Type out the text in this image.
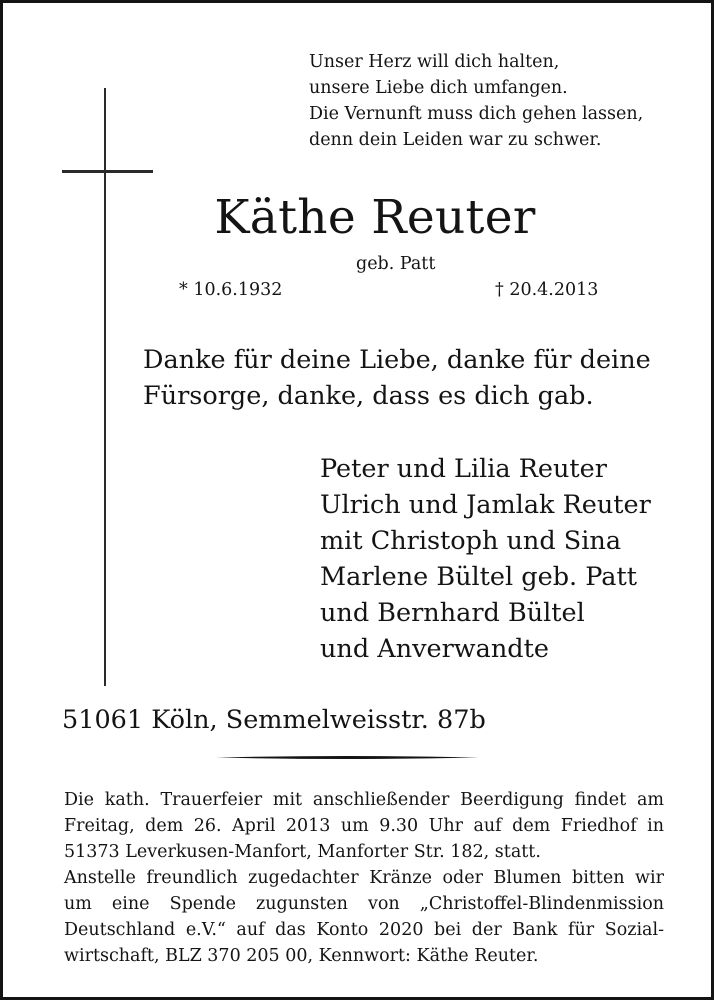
Unser Herz will dich halten,
unsere Liebe dich umfangen.
Die Vernunft muss dich gehen lassen,
denn dein Leiden war zu schwer.
Käthe Reuter
geb. Patt
* 10.6.1932	† 20.4.2013
Danke für deine Liebe, danke für deine
Fürsorge, danke, dass es dich gab.
Peter und Lilia Reuter
Ulrich und Jamlak Reuter
mit Christoph und Sina
Marlene Bültel geb. Patt
und Bernhard Bültel
und Anverwandte
51061 Köln, Semmelweisstr. 87b
Die kath. Trauerfeier mit anschließender Beerdigung findet am
Freitag, dem 26. April 2013 um 9.30 Uhr auf dem Friedhof in
51373 Leverkusen-Manfort, Manforter Str. 182, statt.
Anstelle freundlich zugedachter Kränze oder Blumen bitten wir
um eine Spende zugunsten von „Christoffel-Blindenmission
Deutschland e.V.“ auf das Konto 2020 bei der Bank für Sozial-
wirtschaft, BLZ 370 205 00, Kennwort: Käthe Reuter.
